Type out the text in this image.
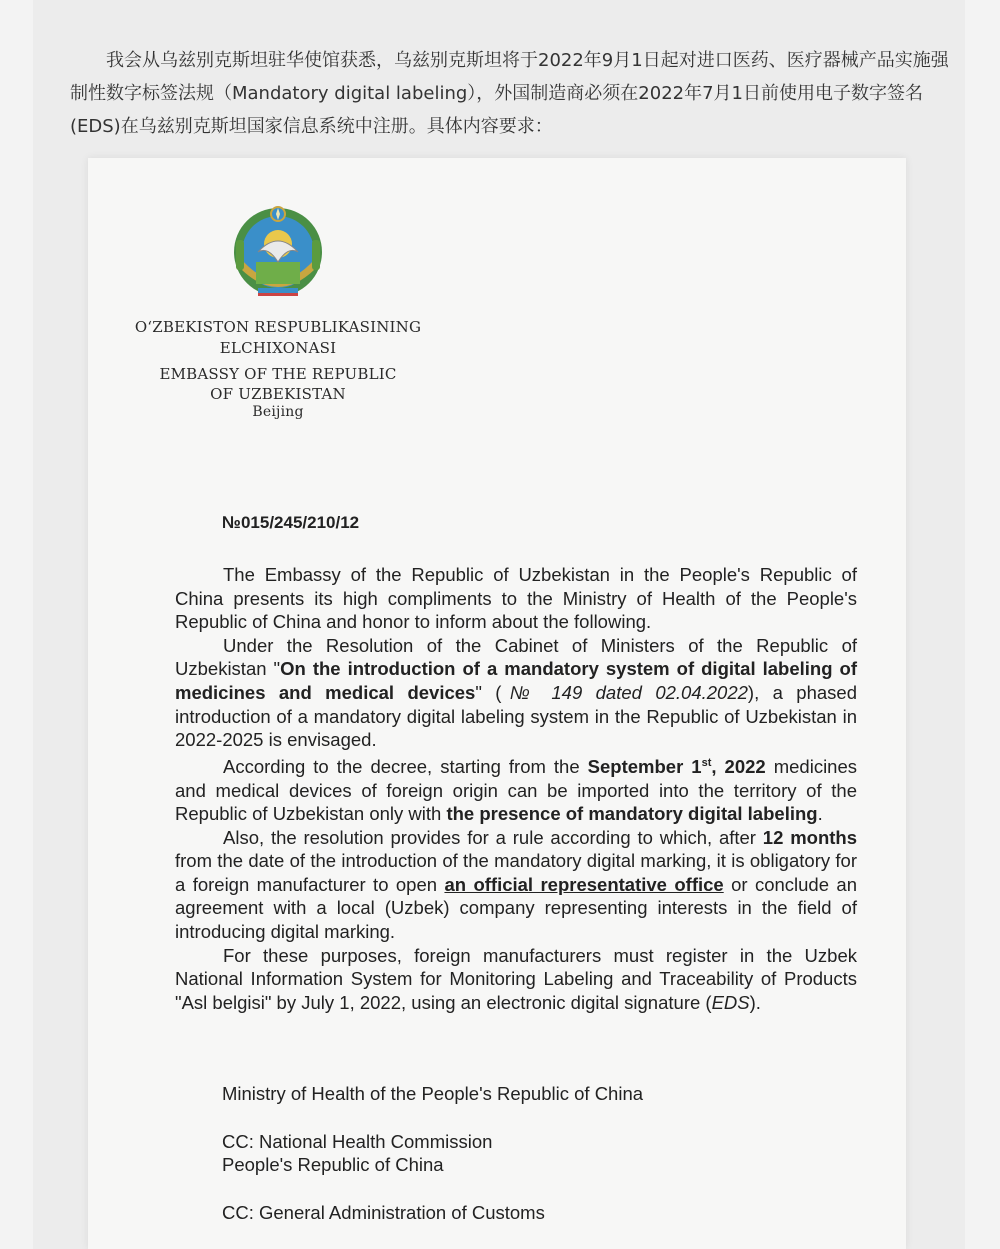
我会从乌兹别克斯坦驻华使馆获悉，乌兹别克斯坦将于2022年9月1日起对进口医药、医疗器械产品实施强制性数字标签法规（Mandatory digital labeling），外国制造商必须在2022年7月1日前使用电子数字签名(EDS)在乌兹别克斯坦国家信息系统中注册。具体内容要求：
O‘ZBEKISTON RESPUBLIKASINING
ELCHIXONASI
EMBASSY OF THE REPUBLIC
OF UZBEKISTAN
Beijing
№015/245/210/12

The Embassy of the Republic of Uzbekistan in the People's Republic of China presents its high compliments to the Ministry of Health of the People's Republic of China and honor to inform about the following.

Under the Resolution of the Cabinet of Ministers of the Republic of Uzbekistan "On the introduction of a mandatory system of digital labeling of medicines and medical devices" (№ 149 dated 02.04.2022), a phased introduction of a mandatory digital labeling system in the Republic of Uzbekistan in 2022-2025 is envisaged.

According to the decree, starting from the September 1st, 2022 medicines and medical devices of foreign origin can be imported into the territory of the Republic of Uzbekistan only with the presence of mandatory digital labeling.

Also, the resolution provides for a rule according to which, after 12 months from the date of the introduction of the mandatory digital marking, it is obligatory for a foreign manufacturer to open an official representative office or conclude an agreement with a local (Uzbek) company representing interests in the field of introducing digital marking.

For these purposes, foreign manufacturers must register in the Uzbek National Information System for Monitoring Labeling and Traceability of Products "Asl belgisi" by July 1, 2022, using an electronic digital signature (EDS).

Ministry of Health of the People's Republic of China
CC: National Health Commission
People's Republic of China
CC: General Administration of Customs
